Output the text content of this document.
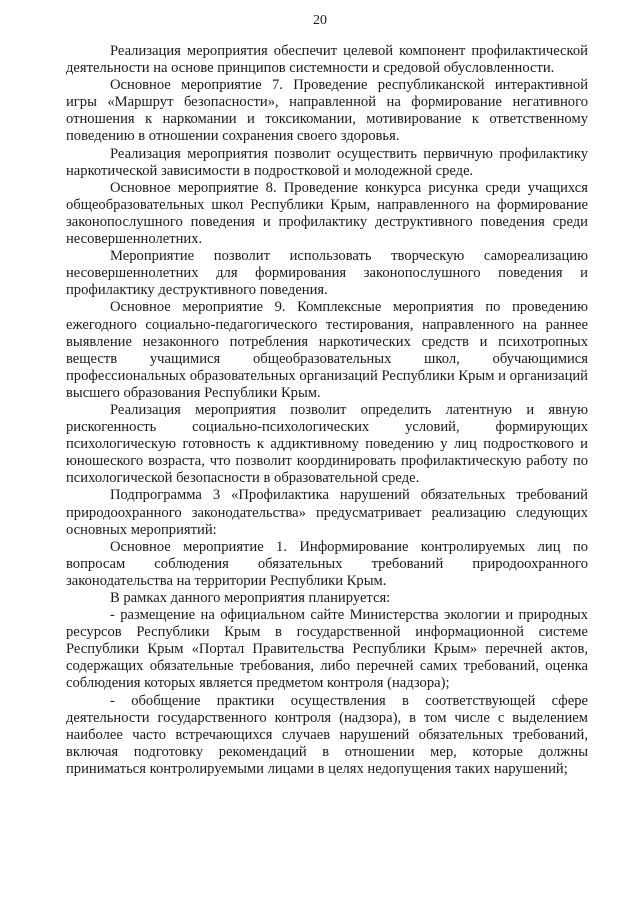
20

Реализация мероприятия обеспечит целевой компонент профилактической деятельности на основе принципов системности и средовой обусловленности.

Основное мероприятие 7. Проведение республиканской интерактивной игры «Маршрут безопасности», направленной на формирование негативного отношения к наркомании и токсикомании, мотивирование к ответственному поведению в отношении сохранения своего здоровья.

Реализация мероприятия позволит осуществить первичную профилактику наркотической зависимости в подростковой и молодежной среде.

Основное мероприятие 8. Проведение конкурса рисунка среди учащихся общеобразовательных школ Республики Крым, направленного на формирование законопослушного поведения и профилактику деструктивного поведения среди несовершеннолетних.

Мероприятие позволит использовать творческую самореализацию несовершеннолетних для формирования законопослушного поведения и профилактику деструктивного поведения.

Основное мероприятие 9. Комплексные мероприятия по проведению ежегодного социально-педагогического тестирования, направленного на раннее выявление незаконного потребления наркотических средств и психотропных веществ учащимися общеобразовательных школ, обучающимися профессиональных образовательных организаций Республики Крым и организаций высшего образования Республики Крым.

Реализация мероприятия позволит определить латентную и явную рискогенность социально-психологических условий, формирующих психологическую готовность к аддиктивному поведению у лиц подросткового и юношеского возраста, что позволит координировать профилактическую работу по психологической безопасности в образовательной среде.

Подпрограмма 3 «Профилактика нарушений обязательных требований природоохранного законодательства» предусматривает реализацию следующих основных мероприятий:

Основное мероприятие 1. Информирование контролируемых лиц по вопросам соблюдения обязательных требований природоохранного законодательства на территории Республики Крым.

В рамках данного мероприятия планируется:

- размещение на официальном сайте Министерства экологии и природных ресурсов Республики Крым в государственной информационной системе Республики Крым «Портал Правительства Республики Крым» перечней актов, содержащих обязательные требования, либо перечней самих требований, оценка соблюдения которых является предметом контроля (надзора);

- обобщение практики осуществления в соответствующей сфере деятельности государственного контроля (надзора), в том числе с выделением наиболее часто встречающихся случаев нарушений обязательных требований, включая подготовку рекомендаций в отношении мер, которые должны приниматься контролируемыми лицами в целях недопущения таких нарушений;
